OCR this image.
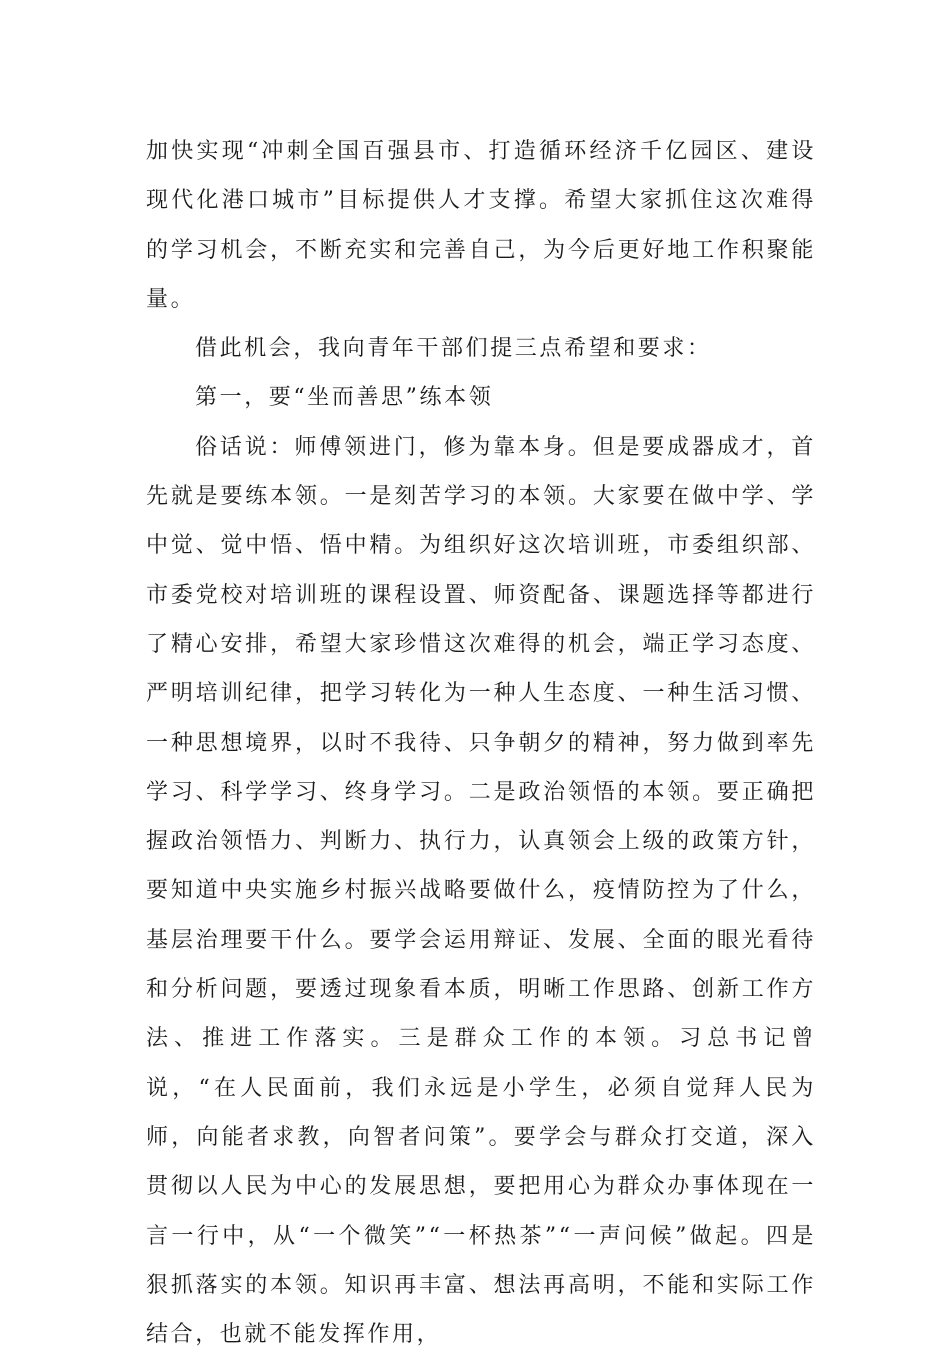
加快实现“冲刺全国百强县市、打造循环经济千亿园区、建设现代化港口城市”目标提供人才支撑。希望大家抓住这次难得的学习机会，不断充实和完善自己，为今后更好地工作积聚能量。

借此机会，我向青年干部们提三点希望和要求：

第一，要“坐而善思”练本领

俗话说：师傅领进门，修为靠本身。但是要成器成才，首先就是要练本领。一是刻苦学习的本领。大家要在做中学、学中觉、觉中悟、悟中精。为组织好这次培训班，市委组织部、市委党校对培训班的课程设置、师资配备、课题选择等都进行了精心安排，希望大家珍惜这次难得的机会，端正学习态度、严明培训纪律，把学习转化为一种人生态度、一种生活习惯、一种思想境界，以时不我待、只争朝夕的精神，努力做到率先学习、科学学习、终身学习。二是政治领悟的本领。要正确把握政治领悟力、判断力、执行力，认真领会上级的政策方针，要知道中央实施乡村振兴战略要做什么，疫情防控为了什么，基层治理要干什么。要学会运用辩证、发展、全面的眼光看待和分析问题，要透过现象看本质，明晰工作思路、创新工作方法、推进工作落实。三是群众工作的本领。习总书记曾说，“在人民面前，我们永远是小学生，必须自觉拜人民为师，向能者求教，向智者问策”。要学会与群众打交道，深入贯彻以人民为中心的发展思想，要把用心为群众办事体现在一言一行中，从“一个微笑”“一杯热茶”“一声问候”做起。四是狠抓落实的本领。知识再丰富、想法再高明，不能和实际工作结合，也就不能发挥作用，
